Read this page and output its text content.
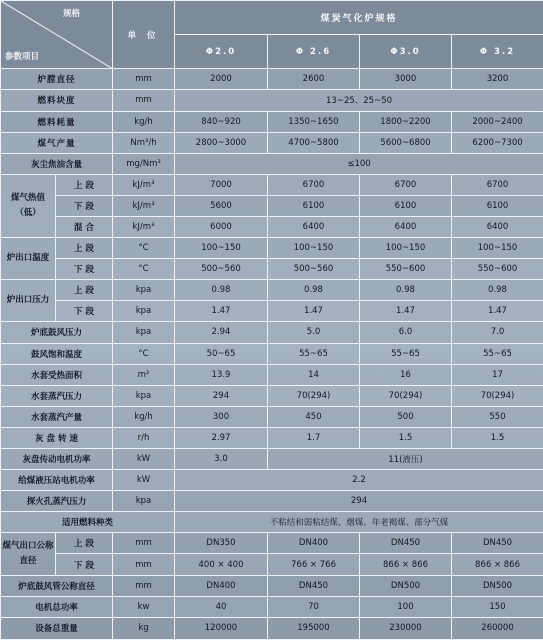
规格
参数项目		单 位	煤炭气化炉规格			
			Φ2.0	Φ 2.6	Φ3.0	Φ 3.2
炉膛直径		mm	2000	2600	3000	3200
燃料块度		mm	13~25、25~50			
燃料耗量		kg/h	840~920	1350~1650	1800~2200	2000~2400
煤气产量		Nm³/h	2800~3000	4700~5800	5600~6800	6200~7300
灰尘焦油含量		mg/Nm³	≤100			
煤气热值（低）	上 段	kJ/m³	7000	6700	6700	6700
	下 段	kJ/m³	5600	6100	6100	6100
	混 合	kJ/m³	6000	6400	6400	6400
炉出口温度	上 段	°C	100~150	100~150	100~150	100~150
	下 段	°C	500~560	500~560	550~600	550~600
炉出口压力	上 段	kpa	0.98	0.98	0.98	0.98
	下 段	kpa	1.47	1.47	1.47	1.47
炉底鼓风压力		kpa	2.94	5.0	6.0	7.0
鼓风饱和温度		°C	50~65	55~65	55~65	55~65
水套受热面积		m²	13.9	14	16	17
水套蒸汽压力		kpa	294	70(294)	70(294)	70(294)
水套蒸汽产量		kg/h	300	450	500	550
灰 盘 转 速		r/h	2.97	1.7	1.5	1.5
灰盘传动电机功率		kW	3.0	11(液压)		
给煤液压站电机功率		kW	2.2			
探火孔蒸汽压力		kpa	294			
适用燃料种类			不粘结和弱粘结煤、烟煤、年老褐煤、部分气煤			
煤气出口公称直径	上 段	mm	DN350	DN400	DN450	DN450
	下 段	mm	400 × 400	766 × 766	866 × 866	866 × 866
炉底鼓风管公称直径		mm	DN400	DN450	DN500	DN500
电机总功率		kw	40	70	100	150
设备总重量		kg	120000	195000	230000	260000
